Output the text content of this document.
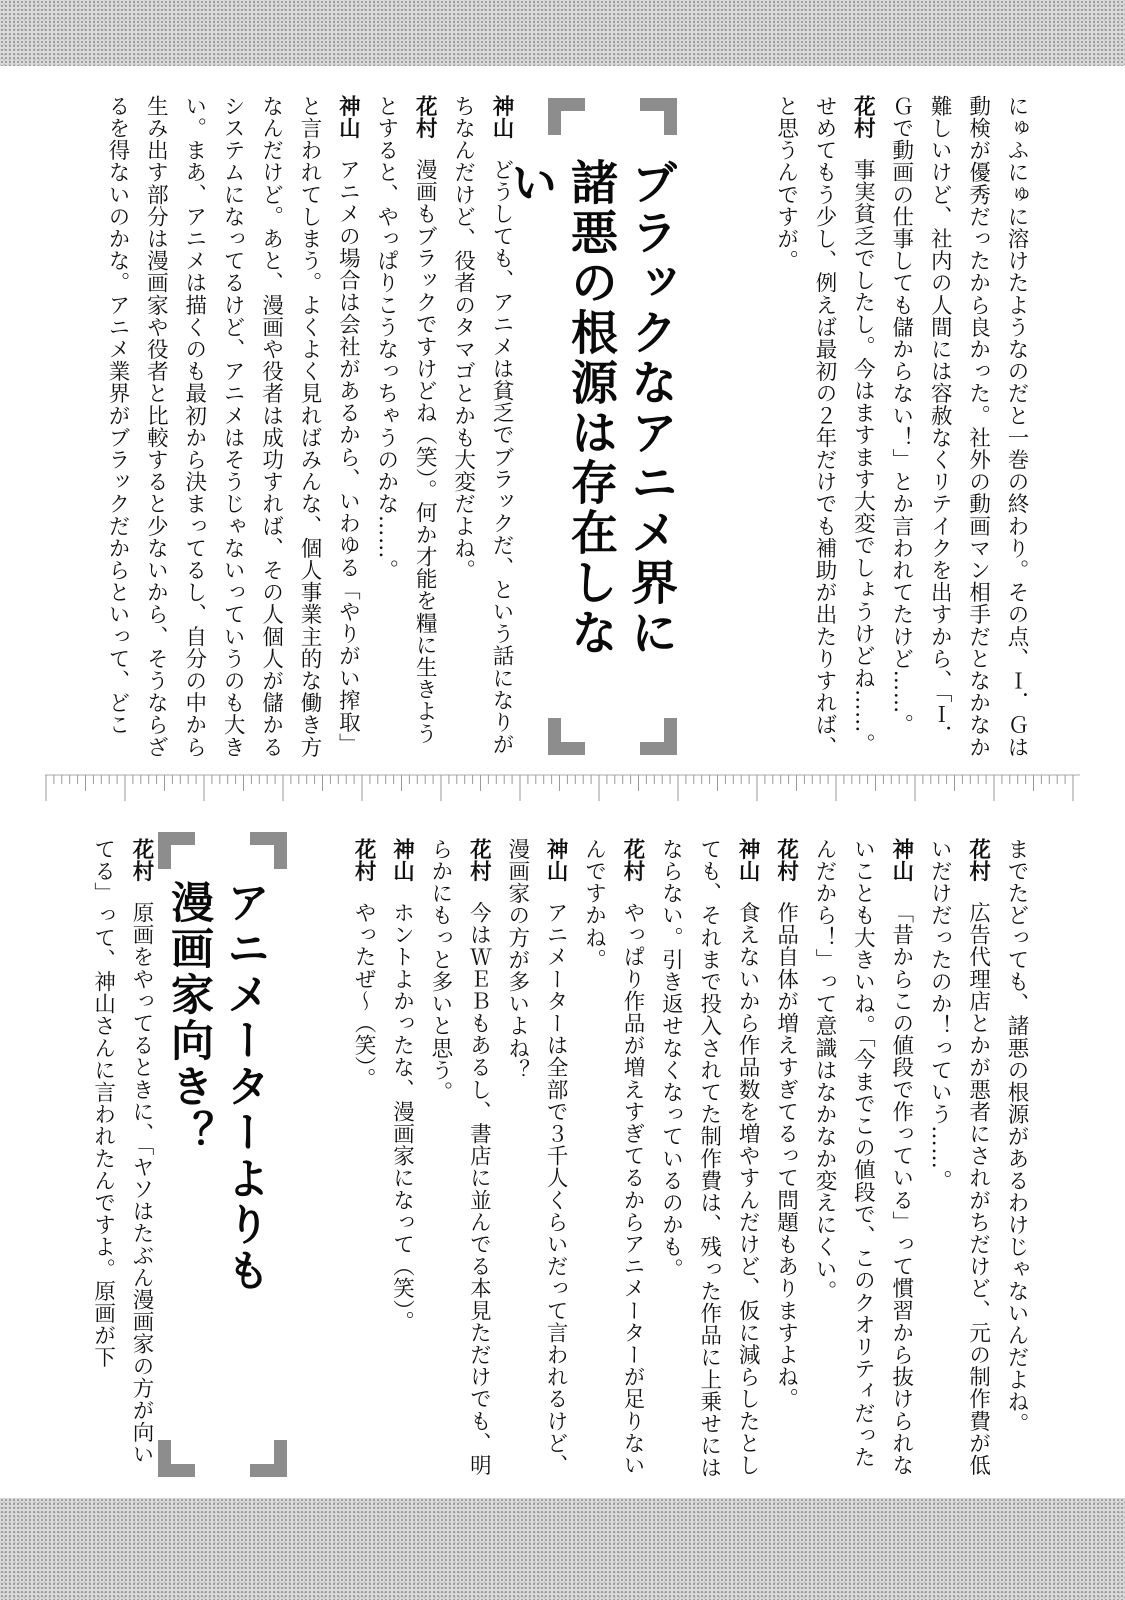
にゅふにゅに溶けたようなのだと一巻の終わり。その点、Ｉ．Ｇは動検が優秀だったから良かった。社外の動画マン相手だとなかなか難しいけど、社内の人間には容赦なくリテイクを出すから、「Ｉ．Ｇで動画の仕事しても儲からない！」とか言われてたけど……。
花村事実貧乏でしたし。今はますます大変でしょうけどね……。せめてもう少し、例えば最初の２年だけでも補助が出たりすれば、と思うんですが。
ブラックなアニメ界に
諸悪の根源は存在しない
神山どうしても、アニメは貧乏でブラックだ、という話になりがちなんだけど、役者のタマゴとかも大変だよね。
花村漫画もブラックですけどね（笑）。何か才能を糧に生きようとすると、やっぱりこうなっちゃうのかな……。
神山アニメの場合は会社があるから、いわゆる「やりがい搾取」と言われてしまう。よくよく見ればみんな、個人事業主的な働き方なんだけど。あと、漫画や役者は成功すれば、その人個人が儲かるシステムになってるけど、アニメはそうじゃないっていうのも大きい。まあ、アニメは描くのも最初から決まってるし、自分の中から生み出す部分は漫画家や役者と比較すると少ないから、そうならざるを得ないのかな。アニメ業界がブラックだからといって、どこ
までたどっても、諸悪の根源があるわけじゃないんだよね。
花村広告代理店とかが悪者にされがちだけど、元の制作費が低いだけだったのか！っていう……。
神山「昔からこの値段で作っている」って慣習から抜けられないことも大きいね。「今までこの値段で、このクオリティだったんだから！」って意識はなかなか変えにくい。
花村作品自体が増えすぎてるって問題もありますよね。
神山食えないから作品数を増やすんだけど、仮に減らしたとしても、それまで投入されてた制作費は、残った作品に上乗せにはならない。引き返せなくなっているのかも。
花村やっぱり作品が増えすぎてるからアニメーターが足りないんですかね。
神山アニメーターは全部で３千人くらいだって言われるけど、漫画家の方が多いよね？
花村今はＷＥＢもあるし、書店に並んでる本見ただけでも、明らかにもっと多いと思う。
神山ホントよかったな、漫画家になって（笑）。
花村やったぜ～（笑）。
アニメーターよりも
漫画家向き？
花村原画をやってるときに、「ヤソはたぶん漫画家の方が向いてる」って、神山さんに言われたんですよ。原画が下
